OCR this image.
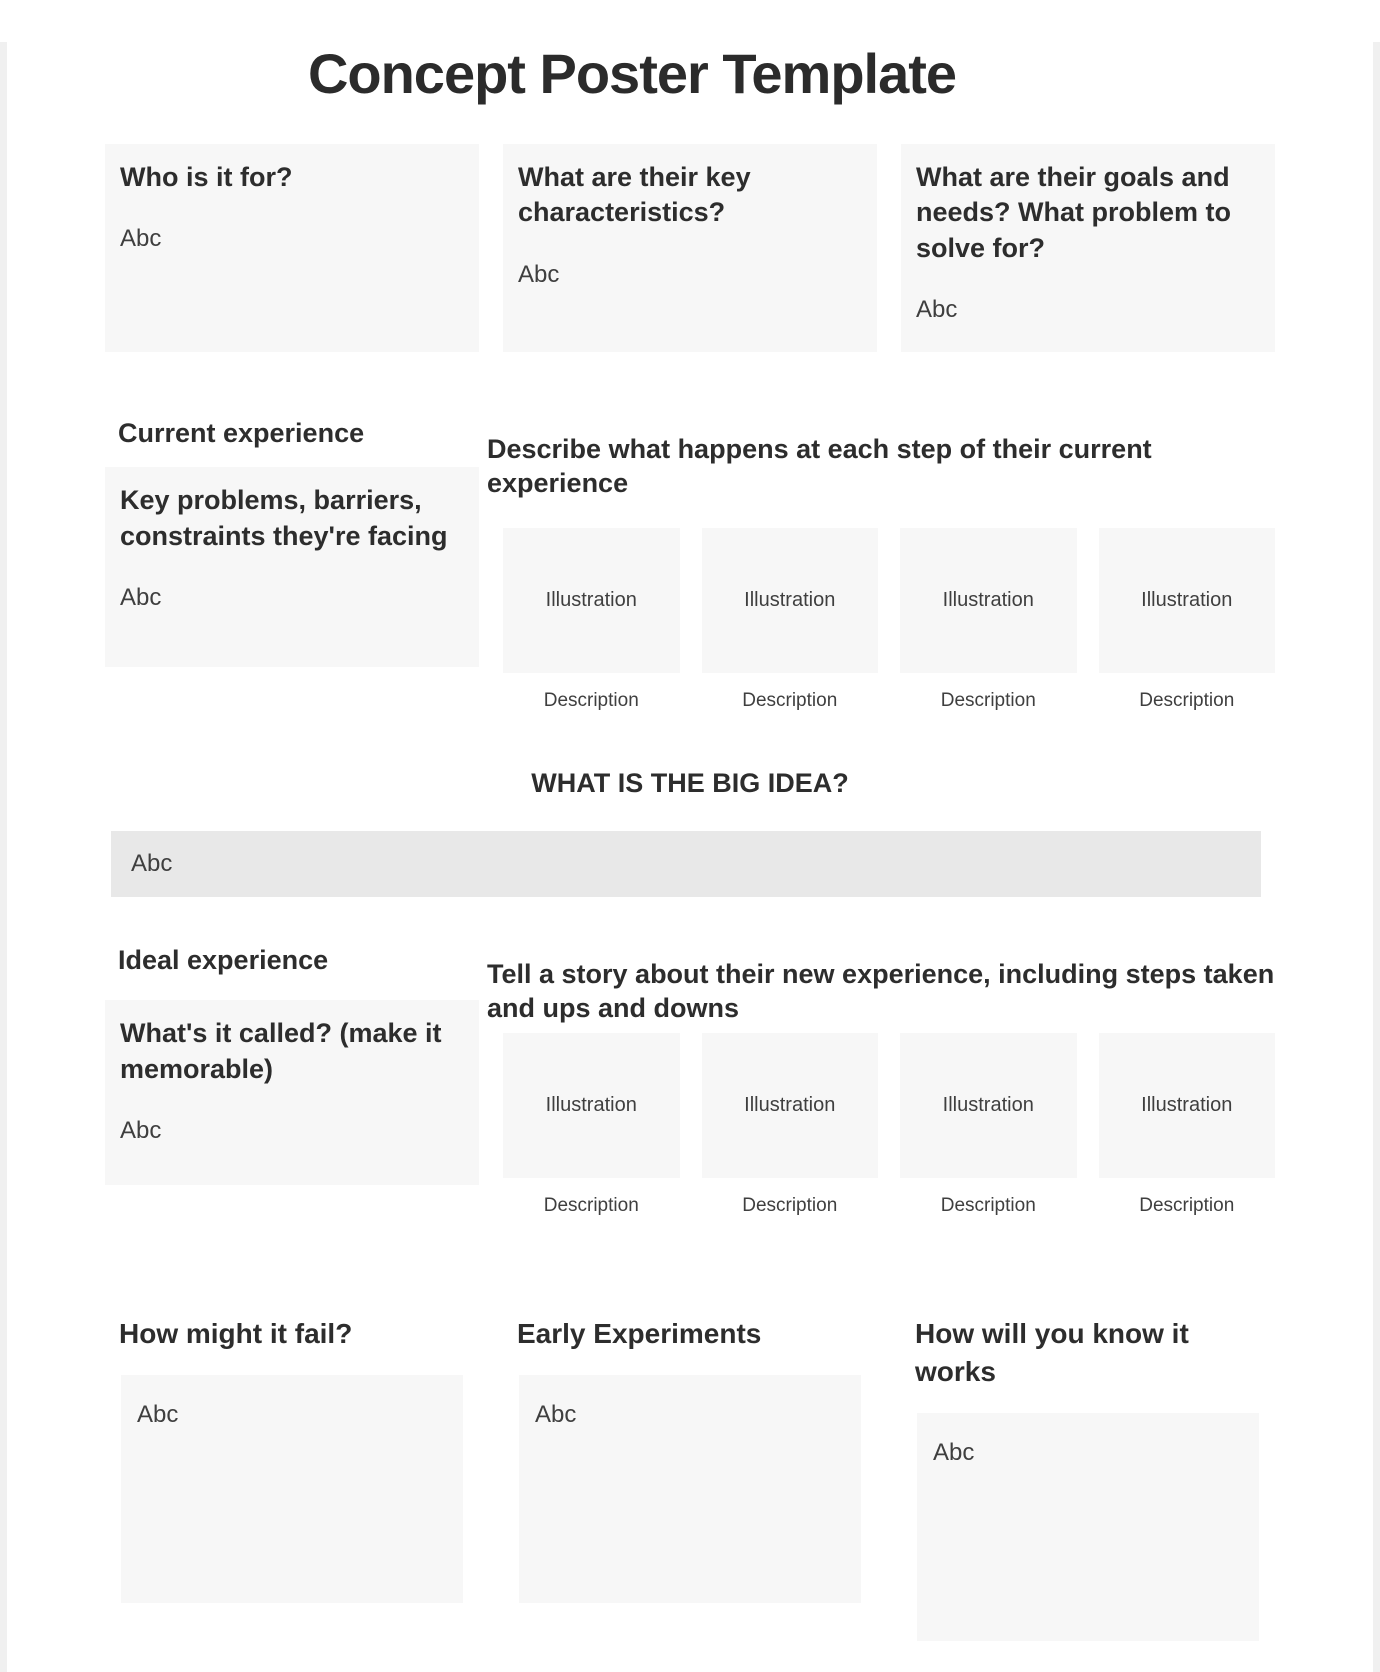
Concept Poster Template
Who is it for?
Abc
What are their key characteristics?
Abc
What are their goals and needs? What problem to solve for?
Abc
Current experience
Key problems, barriers, constraints they're facing
Abc
Describe what happens at each step of their current experience
Illustration
Description
Illustration
Description
Illustration
Description
Illustration
Description
WHAT IS THE BIG IDEA?
Abc
Ideal experience
What's it called? (make it memorable)
Abc
Tell a story about their new experience, including steps taken and ups and downs
Illustration
Description
Illustration
Description
Illustration
Description
Illustration
Description
How might it fail?
Abc
Early Experiments
Abc
How will you know it works
Abc
